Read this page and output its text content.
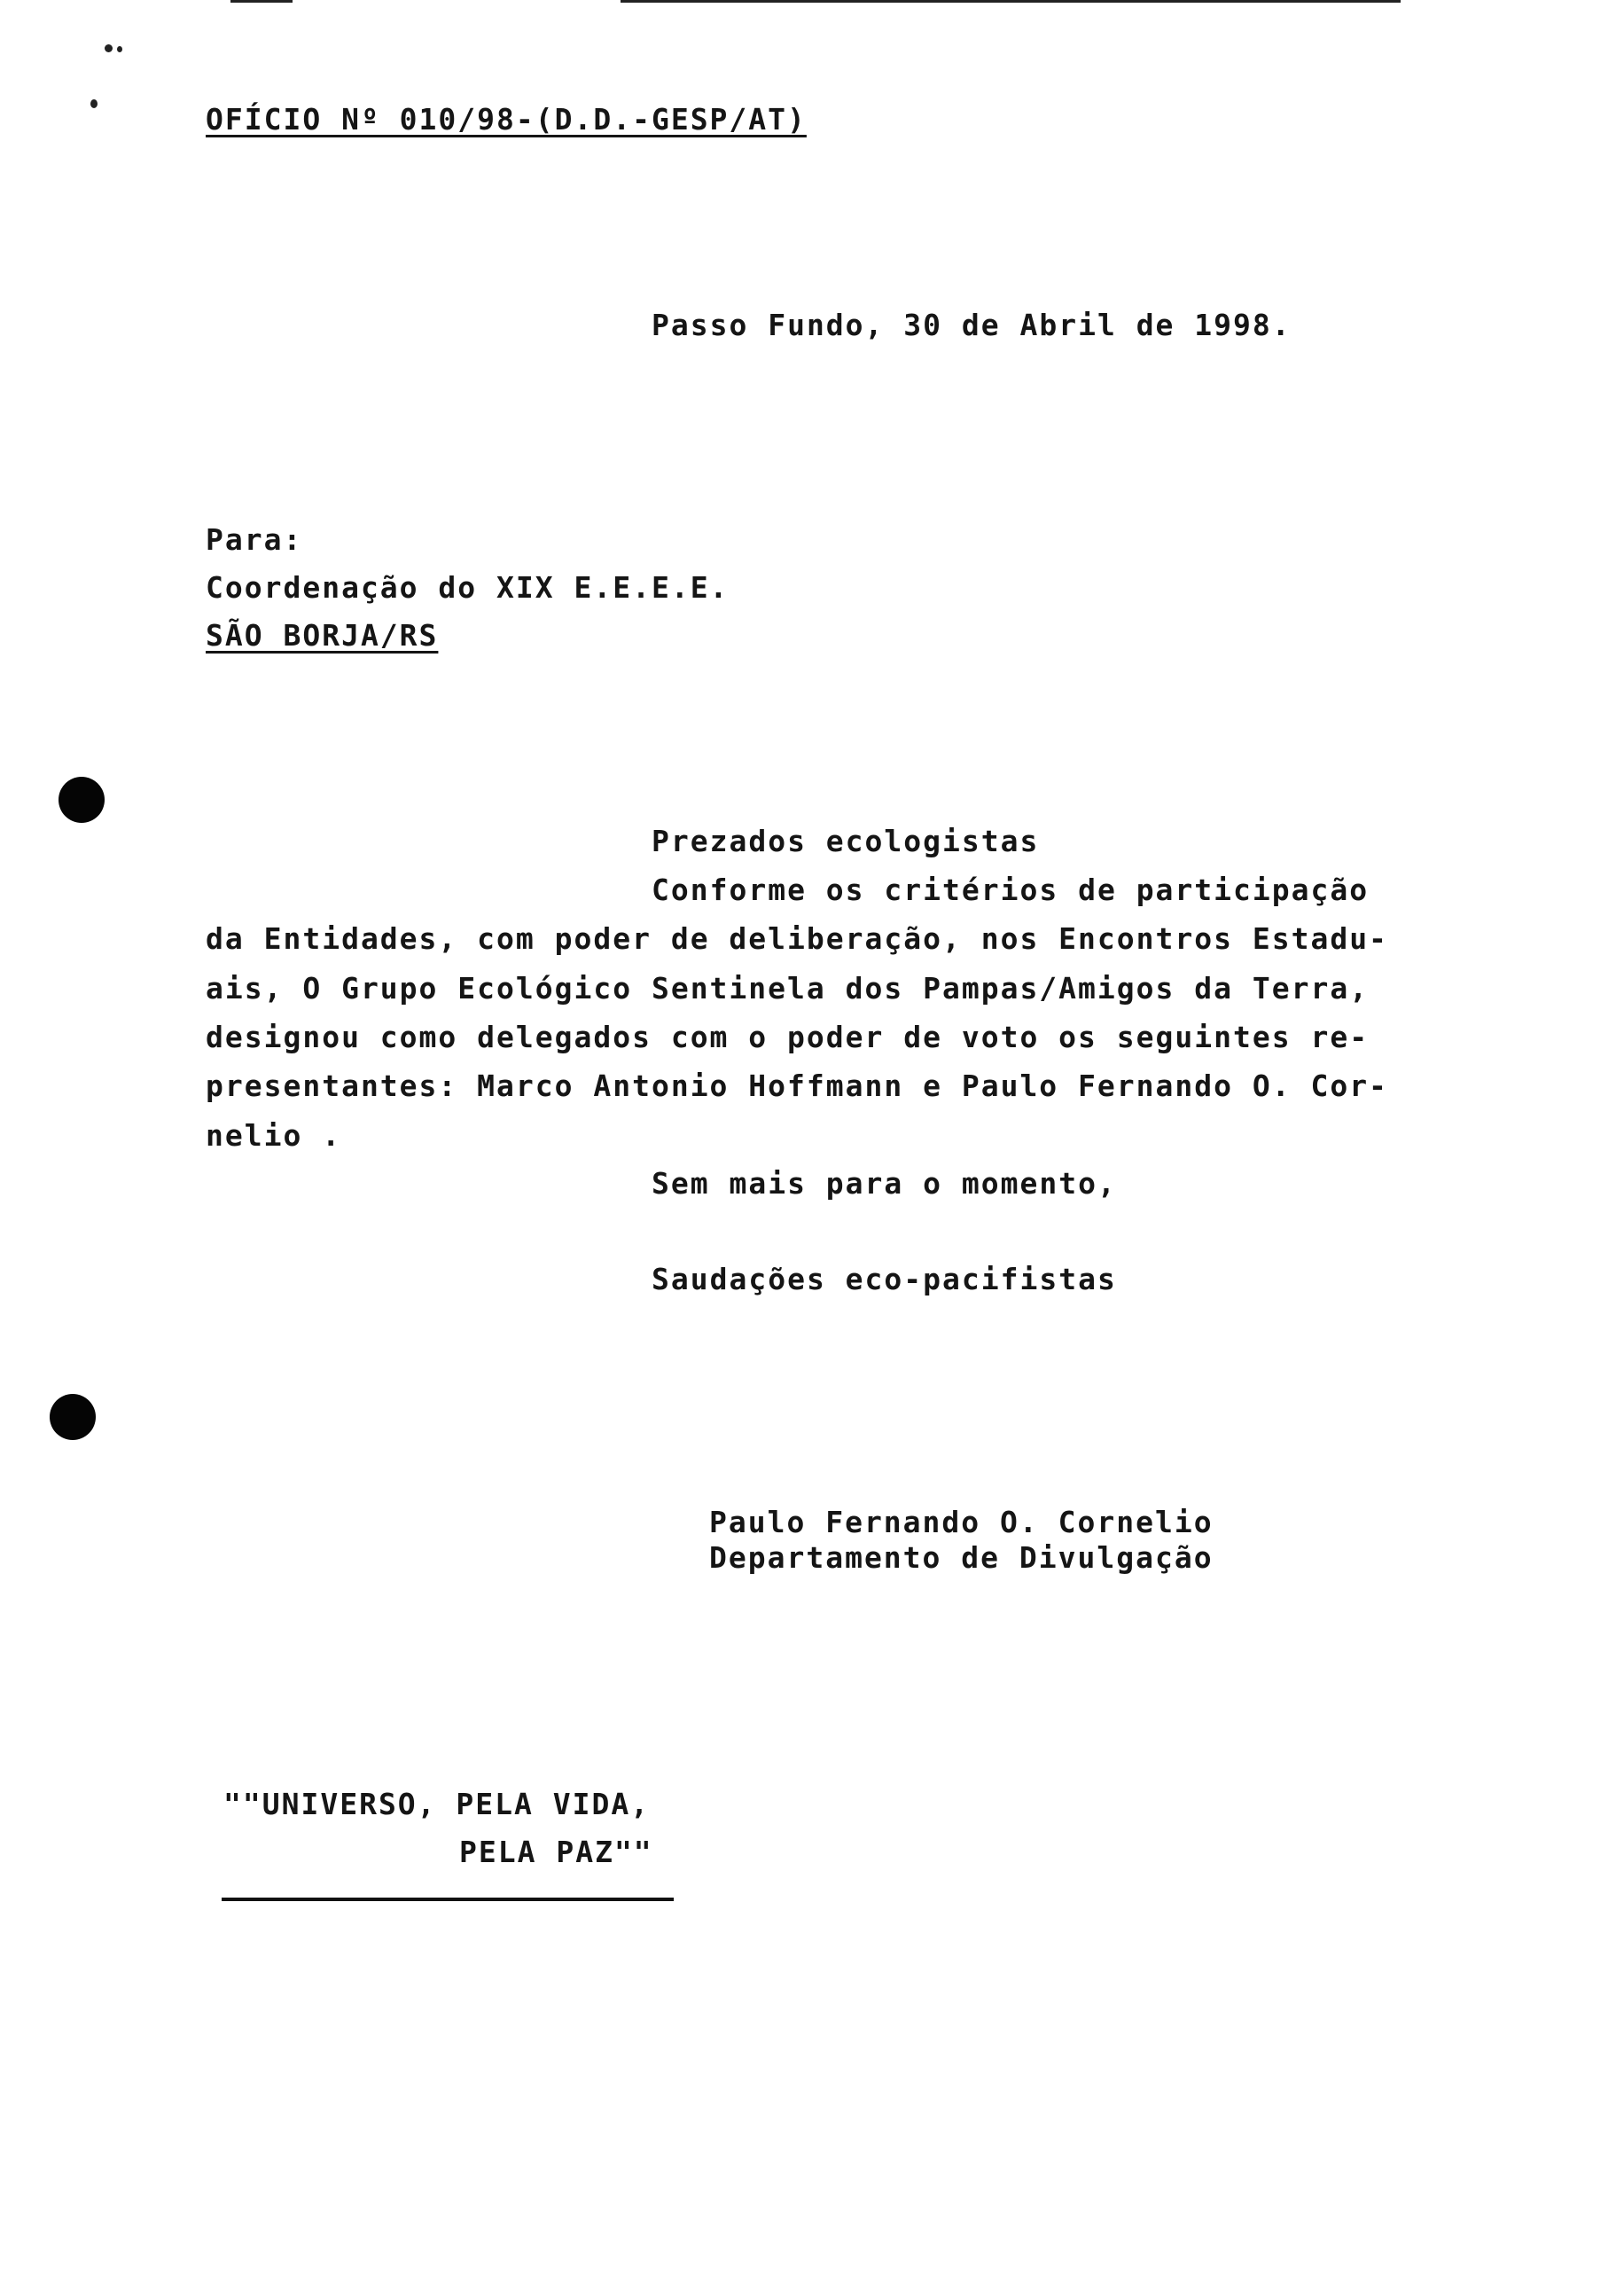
OFÍCIO Nº 010/98-(D.D.-GESP/AT)
Passo Fundo, 30 de Abril de 1998.
Para:
Coordenação do XIX E.E.E.E.
SÃO BORJA/RS
Prezados ecologistas
Conforme os critérios de participação
da Entidades, com poder de deliberação, nos Encontros Estadu-
ais, O Grupo Ecológico Sentinela dos Pampas/Amigos da Terra,
designou como delegados com o poder de voto os seguintes re-
presentantes: Marco Antonio Hoffmann e Paulo Fernando O. Cor-
nelio .
Sem mais para o momento,
Saudações eco-pacifistas
Paulo Fernando O. Cornelio
Departamento de Divulgação
""UNIVERSO, PELA VIDA,
PELA PAZ""
